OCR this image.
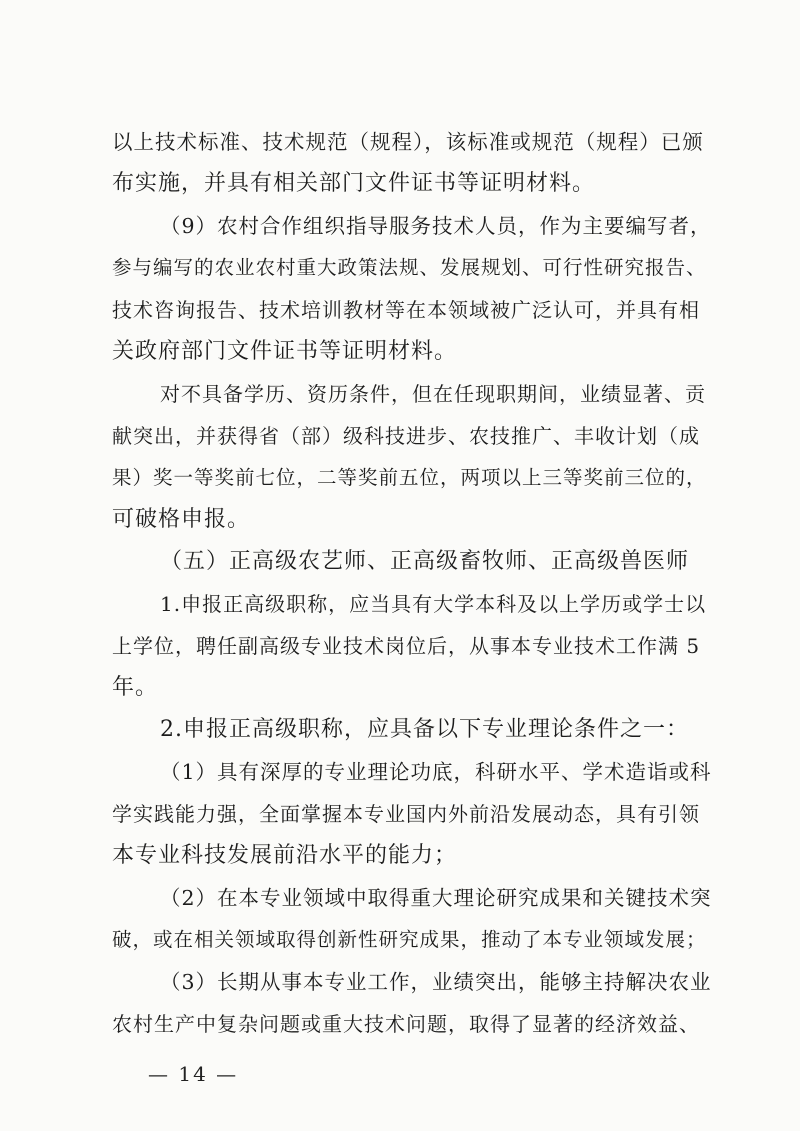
以上技术标准、技术规范（规程），该标准或规范（规程）已颁
布实施，并具有相关部门文件证书等证明材料。
（9）农村合作组织指导服务技术人员，作为主要编写者，
参与编写的农业农村重大政策法规、发展规划、可行性研究报告、
技术咨询报告、技术培训教材等在本领域被广泛认可，并具有相
关政府部门文件证书等证明材料。
对不具备学历、资历条件，但在任现职期间，业绩显著、贡
献突出，并获得省（部）级科技进步、农技推广、丰收计划（成
果）奖一等奖前七位，二等奖前五位，两项以上三等奖前三位的，
可破格申报。
（五）正高级农艺师、正高级畜牧师、正高级兽医师
1.申报正高级职称，应当具有大学本科及以上学历或学士以
上学位，聘任副高级专业技术岗位后，从事本专业技术工作满 5
年。
2.申报正高级职称，应具备以下专业理论条件之一：
（1）具有深厚的专业理论功底，科研水平、学术造诣或科
学实践能力强，全面掌握本专业国内外前沿发展动态，具有引领
本专业科技发展前沿水平的能力；
（2）在本专业领域中取得重大理论研究成果和关键技术突
破，或在相关领域取得创新性研究成果，推动了本专业领域发展；
（3）长期从事本专业工作，业绩突出，能够主持解决农业
农村生产中复杂问题或重大技术问题，取得了显著的经济效益、
— 14 —
